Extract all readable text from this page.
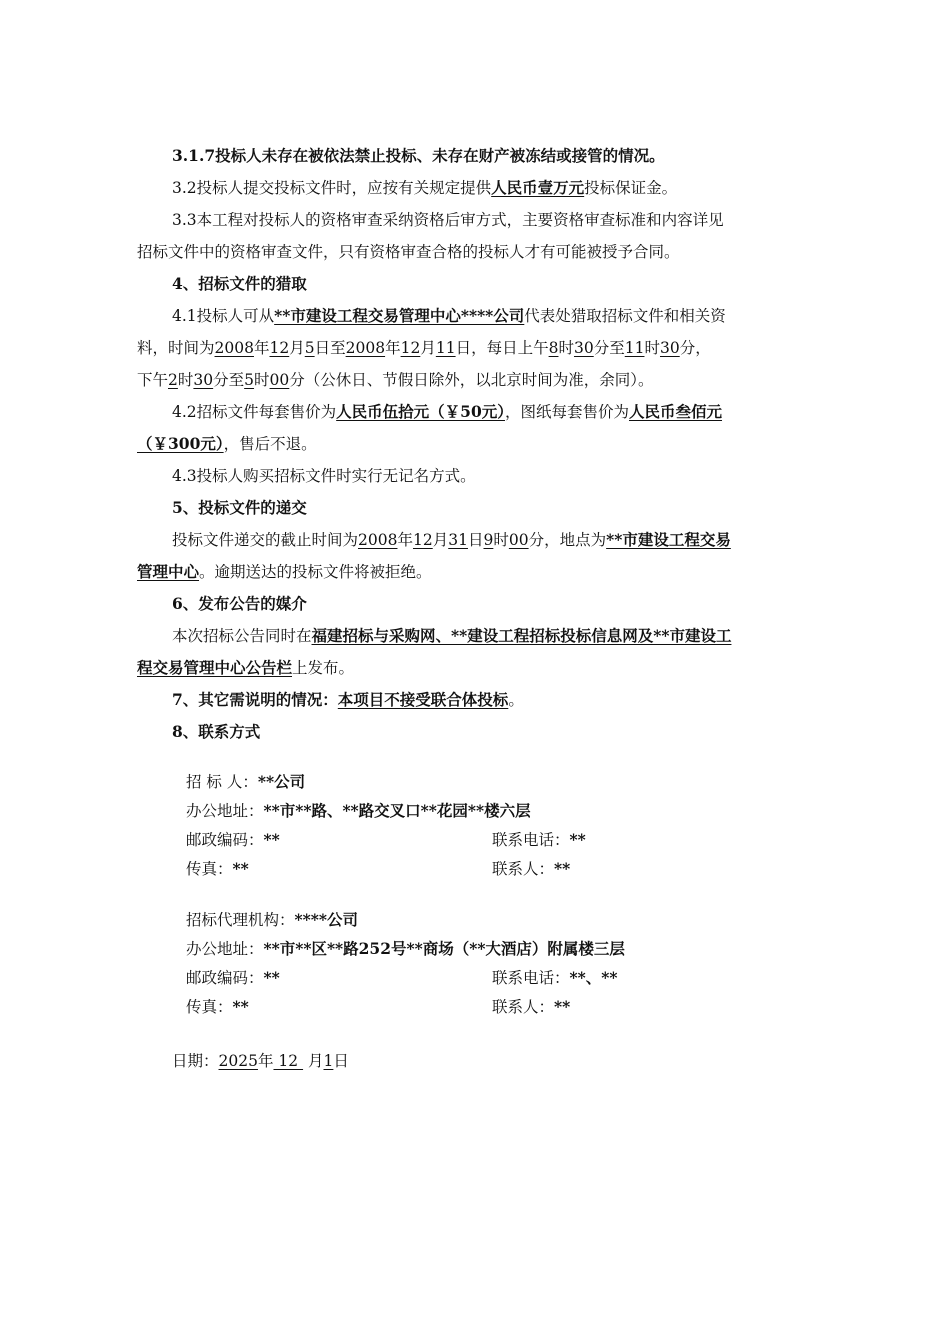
3.1.7投标人未存在被依法禁止投标、未存在财产被冻结或接管的情况。
3.2投标人提交投标文件时，应按有关规定提供人民币壹万元投标保证金。
3.3本工程对投标人的资格审查采纳资格后审方式，主要资格审查标准和内容详见
招标文件中的资格审查文件，只有资格审查合格的投标人才有可能被授予合同。
4、招标文件的猎取
4.1投标人可从**市建设工程交易管理中心****公司代表处猎取招标文件和相关资
料，时间为2008年12月5日至2008年12月11日，每日上午8时30分至11时30分，
下午2时30分至5时00分（公休日、节假日除外，以北京时间为准，余同）。
4.2招标文件每套售价为人民币伍拾元（￥50元），图纸每套售价为人民币叁佰元
（￥300元），售后不退。
4.3投标人购买招标文件时实行无记名方式。
5、投标文件的递交
投标文件递交的截止时间为2008年12月31日9时00分，地点为**市建设工程交易
管理中心。逾期送达的投标文件将被拒绝。
6、发布公告的媒介
本次招标公告同时在福建招标与采购网、**建设工程招标投标信息网及**市建设工
程交易管理中心公告栏上发布。
7、其它需说明的情况：本项目不接受联合体投标。
8、联系方式
招 标 人：**公司
办公地址：**市**路、**路交叉口**花园**楼六层
邮政编码：**	联系电话：**
传真：**	联系人：**
招标代理机构：****公司
办公地址：**市**区**路252号**商场（**大酒店）附属楼三层
邮政编码：**	联系电话：**、**
传真：**	联系人：**
日期：2025年 12  月1日
